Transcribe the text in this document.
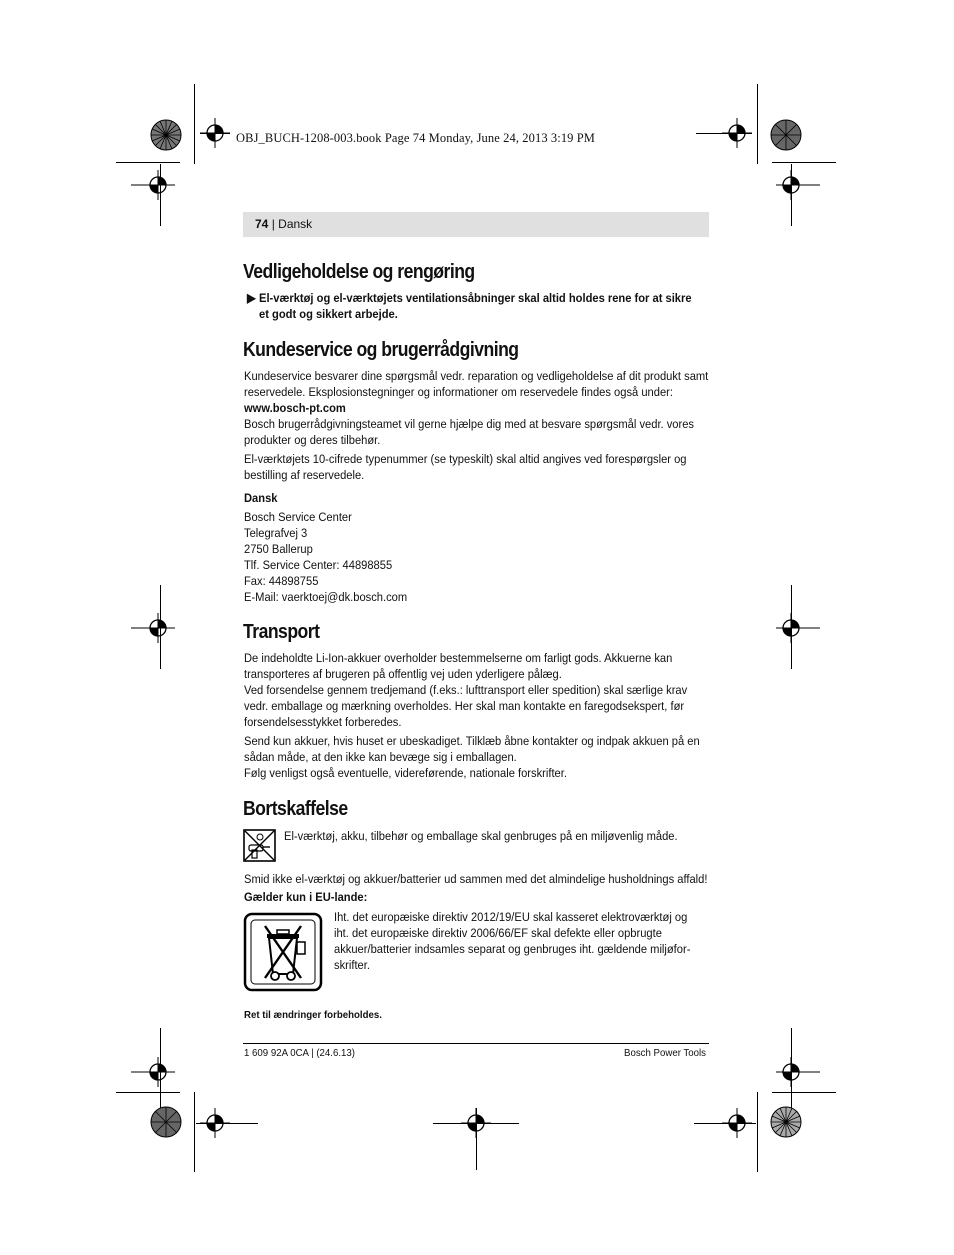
OBJ_BUCH-1208-003.book Page 74 Monday, June 24, 2013 3:19 PM
74 | Dansk
Vedligeholdelse og rengøring
▶ El-værktøj og el-værktøjets ventilationsåbninger skal altid holdes rene for at sikre
et godt og sikkert arbejde.
Kundeservice og brugerrådgivning
Kundeservice besvarer dine spørgsmål vedr. reparation og vedligeholdelse af dit produkt samt
reservedele. Eksplosionstegninger og informationer om reservedele findes også under:
www.bosch-pt.com
Bosch brugerrådgivningsteamet vil gerne hjælpe dig med at besvare spørgsmål vedr. vores
produkter og deres tilbehør.
El-værktøjets 10-cifrede typenummer (se typeskilt) skal altid angives ved forespørgsler og
bestilling af reservedele.
Dansk
Bosch Service Center
Telegrafvej 3
2750 Ballerup
Tlf. Service Center: 44898855
Fax: 44898755
E-Mail: vaerktoej@dk.bosch.com
Transport
De indeholdte Li-Ion-akkuer overholder bestemmelserne om farligt gods. Akkuerne kan
transporteres af brugeren på offentlig vej uden yderligere pålæg.
Ved forsendelse gennem tredjemand (f.eks.: lufttransport eller spedition) skal særlige krav
vedr. emballage og mærkning overholdes. Her skal man kontakte en faregodsekspert, før
forsendelsesstykket forberedes.
Send kun akkuer, hvis huset er ubeskadiget. Tilklæb åbne kontakter og indpak akkuen på en
sådan måde, at den ikke kan bevæge sig i emballagen.
Følg venligst også eventuelle, videreførende, nationale forskrifter.
Bortskaffelse
El-værktøj, akku, tilbehør og emballage skal genbruges på en miljøvenlig måde.
Smid ikke el-værktøj og akkuer/batterier ud sammen med det almindelige husholdnings affald!
Gælder kun i EU-lande:
Iht. det europæiske direktiv 2012/19/EU skal kasseret elektroværktøj og
iht. det europæiske direktiv 2006/66/EF skal defekte eller opbrugte
akkuer/batterier indsamles separat og genbruges iht. gældende miljøfor-
skrifter.
Ret til ændringer forbeholdes.
1 609 92A 0CA | (24.6.13)	Bosch Power Tools
